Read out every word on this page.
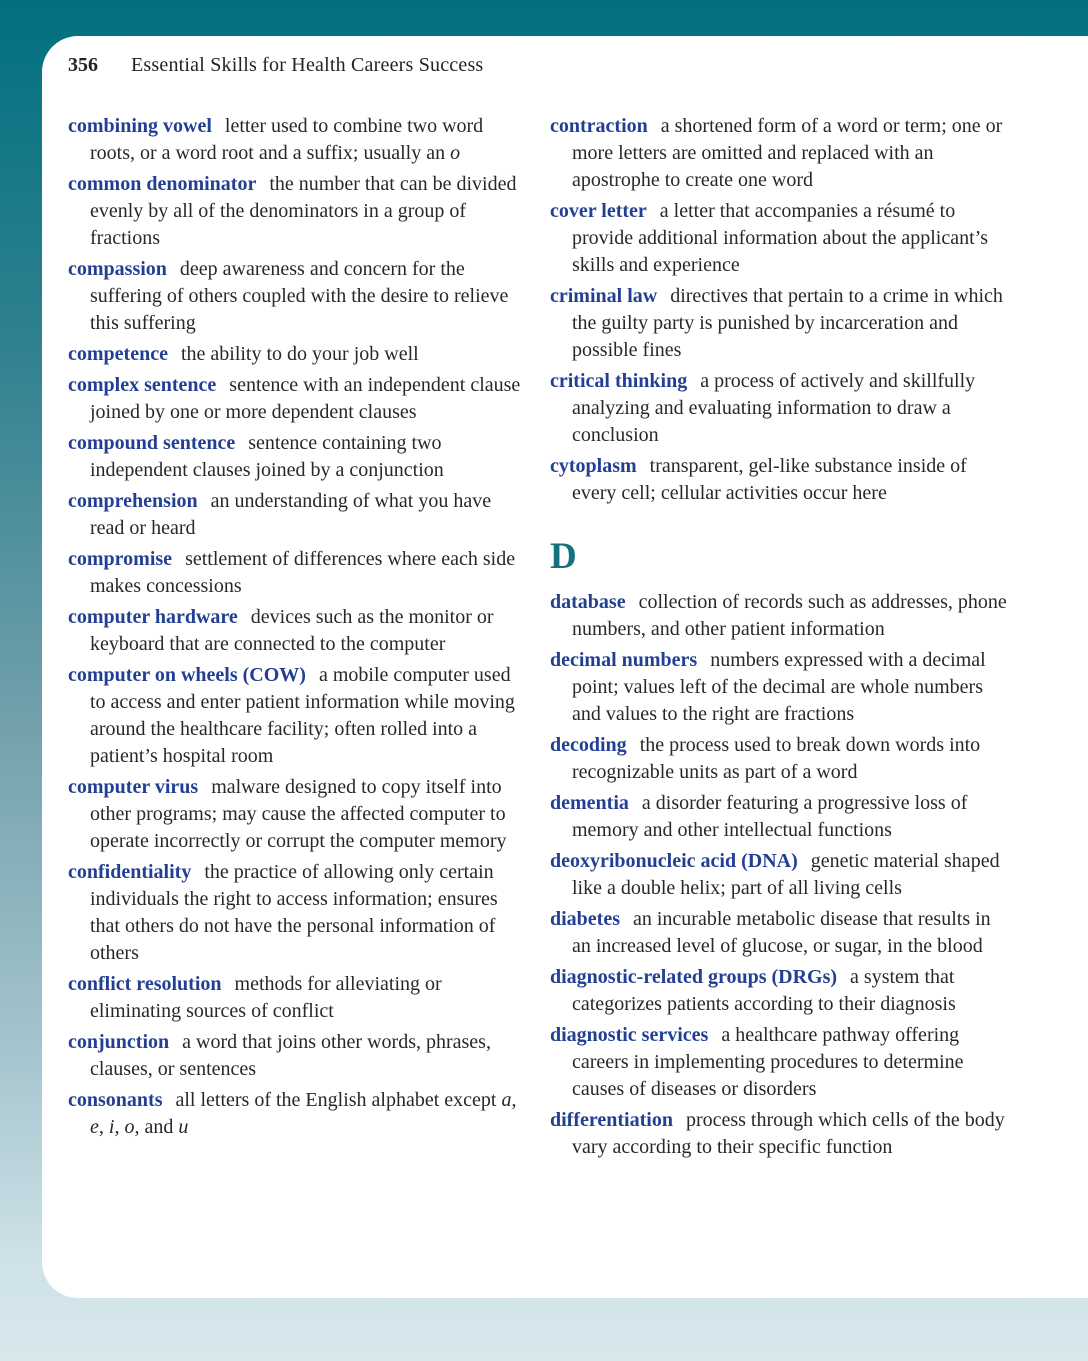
356 Essential Skills for Health Careers Success

combining vowel letter used to combine two word roots, or a word root and a suffix; usually an o

common denominator the number that can be divided evenly by all of the denominators in a group of fractions

compassion deep awareness and concern for the suffering of others coupled with the desire to relieve this suffering

competence the ability to do your job well

complex sentence sentence with an independent clause joined by one or more dependent clauses

compound sentence sentence containing two independent clauses joined by a conjunction

comprehension an understanding of what you have read or heard

compromise settlement of differences where each side makes concessions

computer hardware devices such as the monitor or keyboard that are connected to the computer

computer on wheels (COW) a mobile computer used to access and enter patient information while moving around the healthcare facility; often rolled into a patient’s hospital room

computer virus malware designed to copy itself into other programs; may cause the affected computer to operate incorrectly or corrupt the computer memory

confidentiality the practice of allowing only certain individuals the right to access information; ensures that others do not have the personal information of others

conflict resolution methods for alleviating or eliminating sources of conflict

conjunction a word that joins other words, phrases, clauses, or sentences

consonants all letters of the English alphabet except a, e, i, o, and u

contraction a shortened form of a word or term; one or more letters are omitted and replaced with an apostrophe to create one word

cover letter a letter that accompanies a résumé to provide additional information about the applicant’s skills and experience

criminal law directives that pertain to a crime in which the guilty party is punished by incarceration and possible fines

critical thinking a process of actively and skillfully analyzing and evaluating information to draw a conclusion

cytoplasm transparent, gel-like substance inside of every cell; cellular activities occur here

D

database collection of records such as addresses, phone numbers, and other patient information

decimal numbers numbers expressed with a decimal point; values left of the decimal are whole numbers and values to the right are fractions

decoding the process used to break down words into recognizable units as part of a word

dementia a disorder featuring a progressive loss of memory and other intellectual functions

deoxyribonucleic acid (DNA) genetic material shaped like a double helix; part of all living cells

diabetes an incurable metabolic disease that results in an increased level of glucose, or sugar, in the blood

diagnostic-related groups (DRGs) a system that categorizes patients according to their diagnosis

diagnostic services a healthcare pathway offering careers in implementing procedures to determine causes of diseases or disorders

differentiation process through which cells of the body vary according to their specific function
